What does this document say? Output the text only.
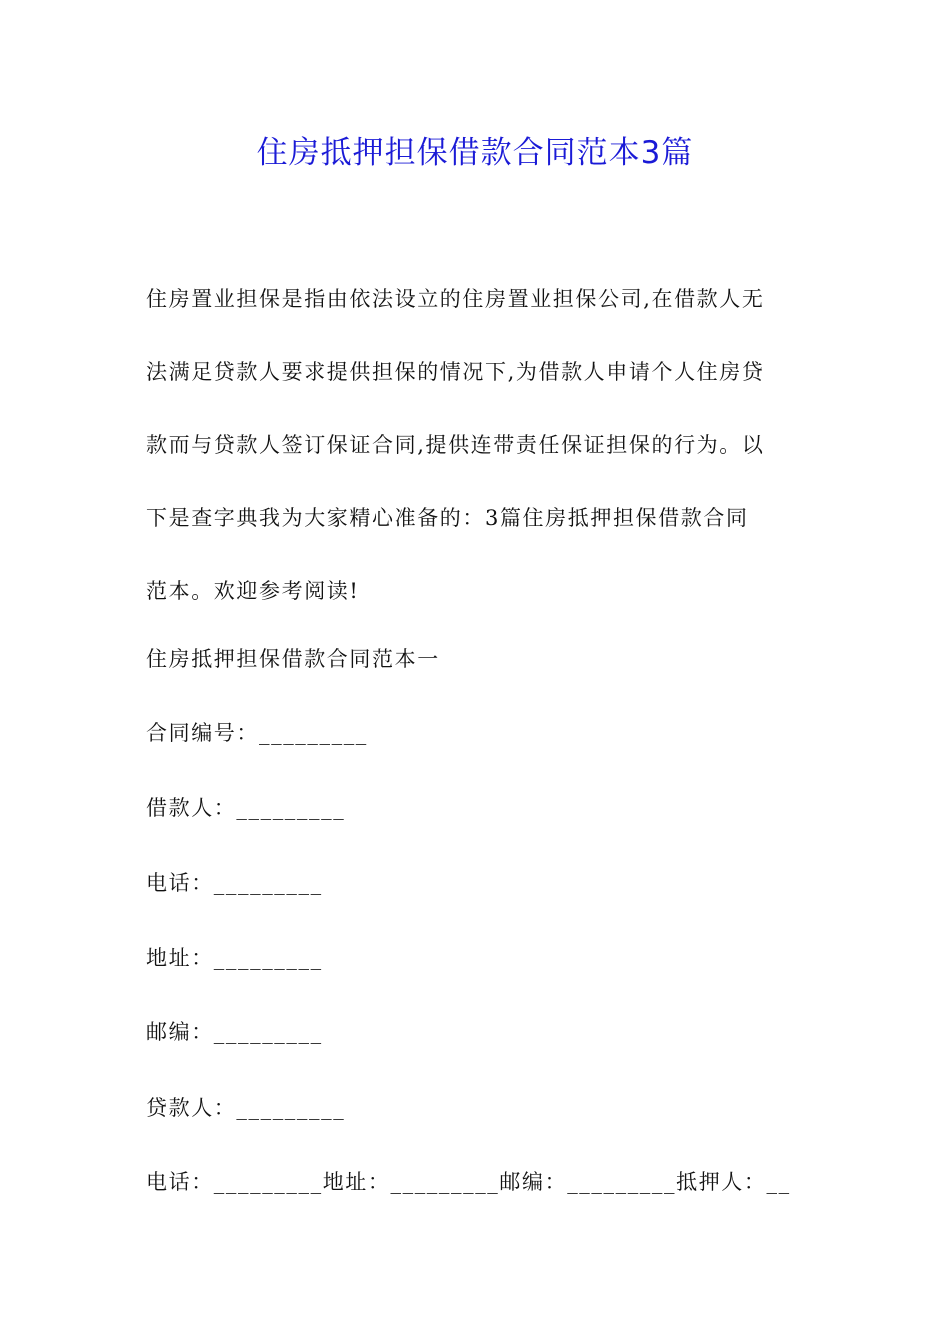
住房抵押担保借款合同范本3篇

住房置业担保是指由依法设立的住房置业担保公司,在借款人无

法满足贷款人要求提供担保的情况下,为借款人申请个人住房贷

款而与贷款人签订保证合同,提供连带责任保证担保的行为。以

下是查字典我为大家精心准备的：3篇住房抵押担保借款合同

范本。欢迎参考阅读!

住房抵押担保借款合同范本一
合同编号：_________
借款人：_________
电话：_________
地址：_________
邮编：_________
贷款人：_________
电话：_________地址：_________邮编：_________抵押人：__
